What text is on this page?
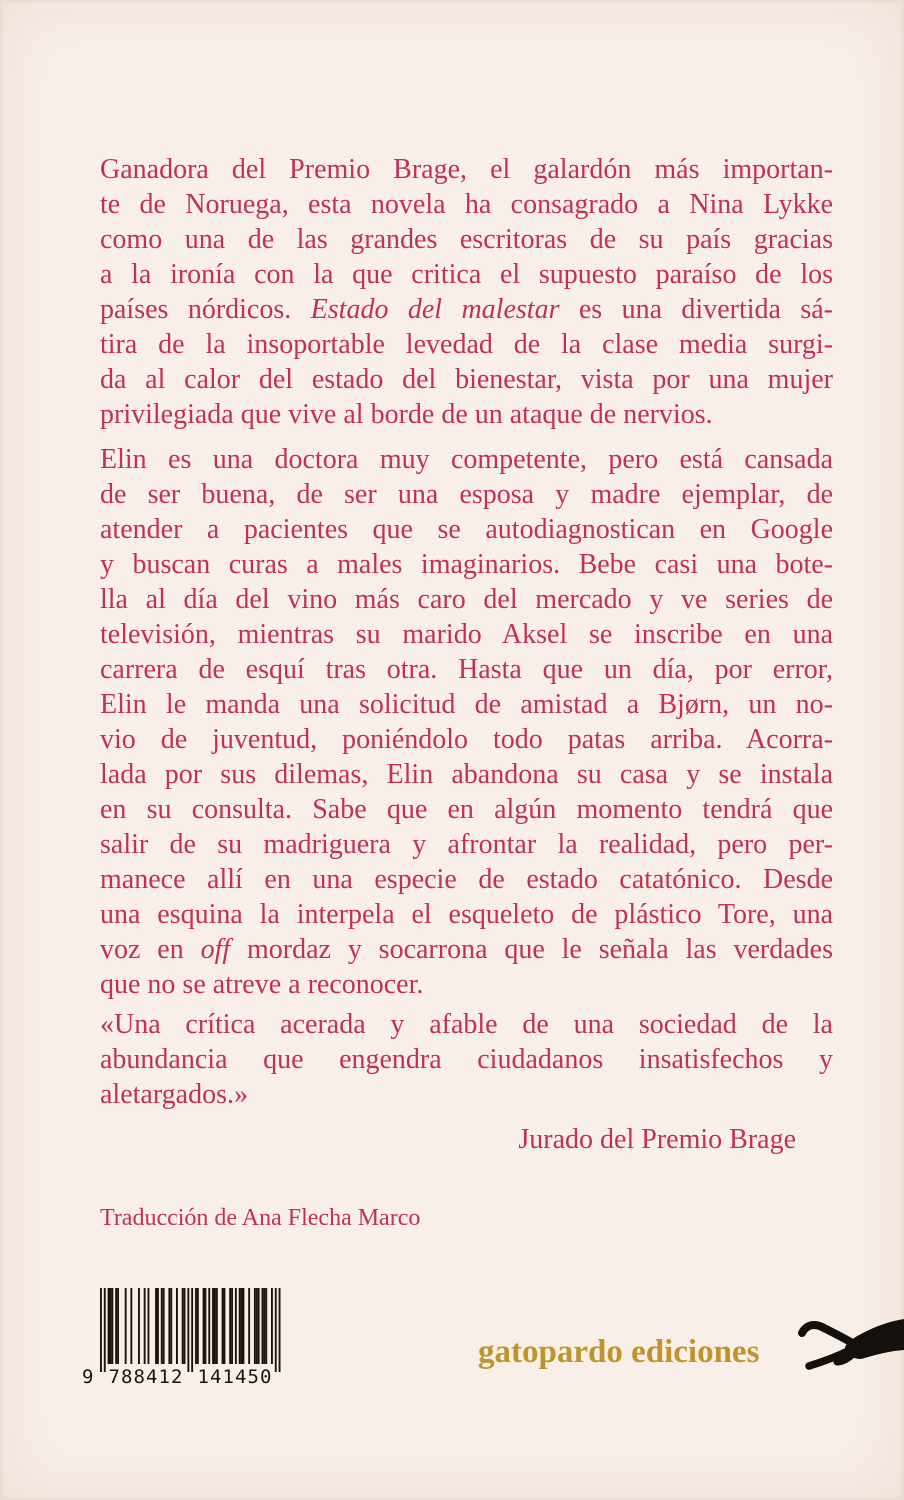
Ganadora del Premio Brage, el galardón más importan-
te de Noruega, esta novela ha consagrado a Nina Lykke
como una de las grandes escritoras de su país gracias
a la ironía con la que critica el supuesto paraíso de los
países nórdicos. Estado del malestar es una divertida sá-
tira de la insoportable levedad de la clase media surgi-
da al calor del estado del bienestar, vista por una mujer
privilegiada que vive al borde de un ataque de nervios.
Elin es una doctora muy competente, pero está cansada
de ser buena, de ser una esposa y madre ejemplar, de
atender a pacientes que se autodiagnostican en Google
y buscan curas a males imaginarios. Bebe casi una bote-
lla al día del vino más caro del mercado y ve series de
televisión, mientras su marido Aksel se inscribe en una
carrera de esquí tras otra. Hasta que un día, por error,
Elin le manda una solicitud de amistad a Bjørn, un no-
vio de juventud, poniéndolo todo patas arriba. Acorra-
lada por sus dilemas, Elin abandona su casa y se instala
en su consulta. Sabe que en algún momento tendrá que
salir de su madriguera y afrontar la realidad, pero per-
manece allí en una especie de estado catatónico. Desde
una esquina la interpela el esqueleto de plástico Tore, una
voz en off mordaz y socarrona que le señala las verdades
que no se atreve a reconocer.
«Una crítica acerada y afable de una sociedad de la
abundancia que engendra ciudadanos insatisfechos y
aletargados.»
Jurado del Premio Brage
Traducción de Ana Flecha Marco
9 788412 141450
gatopardo ediciones
